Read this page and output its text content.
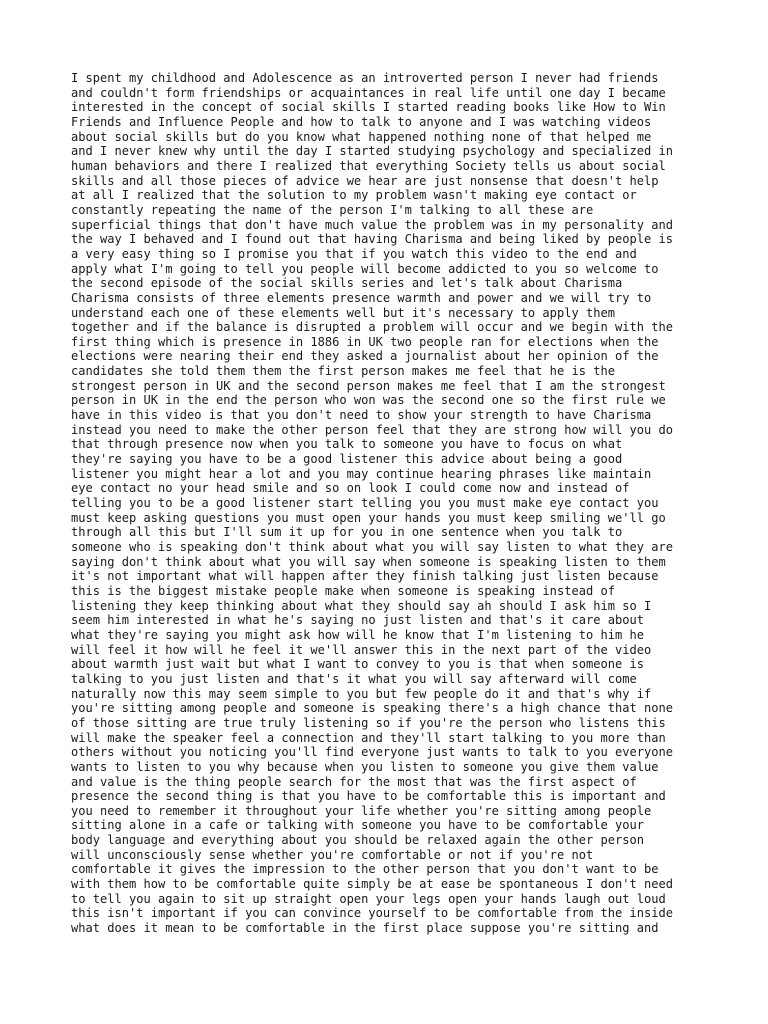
I spent my childhood and Adolescence as an introverted person I never had friends
and couldn't form friendships or acquaintances in real life until one day I became
interested in the concept of social skills I started reading books like How to Win
Friends and Influence People and how to talk to anyone and I was watching videos
about social skills but do you know what happened nothing none of that helped me
and I never knew why until the day I started studying psychology and specialized in
human behaviors and there I realized that everything Society tells us about social
skills and all those pieces of advice we hear are just nonsense that doesn't help
at all I realized that the solution to my problem wasn't making eye contact or
constantly repeating the name of the person I'm talking to all these are
superficial things that don't have much value the problem was in my personality and
the way I behaved and I found out that having Charisma and being liked by people is
a very easy thing so I promise you that if you watch this video to the end and
apply what I'm going to tell you people will become addicted to you so welcome to
the second episode of the social skills series and let's talk about Charisma
Charisma consists of three elements presence warmth and power and we will try to
understand each one of these elements well but it's necessary to apply them
together and if the balance is disrupted a problem will occur and we begin with the
first thing which is presence in 1886 in UK two people ran for elections when the
elections were nearing their end they asked a journalist about her opinion of the
candidates she told them them the first person makes me feel that he is the
strongest person in UK and the second person makes me feel that I am the strongest
person in UK in the end the person who won was the second one so the first rule we
have in this video is that you don't need to show your strength to have Charisma
instead you need to make the other person feel that they are strong how will you do
that through presence now when you talk to someone you have to focus on what
they're saying you have to be a good listener this advice about being a good
listener you might hear a lot and you may continue hearing phrases like maintain
eye contact no your head smile and so on look I could come now and instead of
telling you to be a good listener start telling you you must make eye contact you
must keep asking questions you must open your hands you must keep smiling we'll go
through all this but I'll sum it up for you in one sentence when you talk to
someone who is speaking don't think about what you will say listen to what they are
saying don't think about what you will say when someone is speaking listen to them
it's not important what will happen after they finish talking just listen because
this is the biggest mistake people make when someone is speaking instead of
listening they keep thinking about what they should say ah should I ask him so I
seem him interested in what he's saying no just listen and that's it care about
what they're saying you might ask how will he know that I'm listening to him he
will feel it how will he feel it we'll answer this in the next part of the video
about warmth just wait but what I want to convey to you is that when someone is
talking to you just listen and that's it what you will say afterward will come
naturally now this may seem simple to you but few people do it and that's why if
you're sitting among people and someone is speaking there's a high chance that none
of those sitting are true truly listening so if you're the person who listens this
will make the speaker feel a connection and they'll start talking to you more than
others without you noticing you'll find everyone just wants to talk to you everyone
wants to listen to you why because when you listen to someone you give them value
and value is the thing people search for the most that was the first aspect of
presence the second thing is that you have to be comfortable this is important and
you need to remember it throughout your life whether you're sitting among people
sitting alone in a cafe or talking with someone you have to be comfortable your
body language and everything about you should be relaxed again the other person
will unconsciously sense whether you're comfortable or not if you're not
comfortable it gives the impression to the other person that you don't want to be
with them how to be comfortable quite simply be at ease be spontaneous I don't need
to tell you again to sit up straight open your legs open your hands laugh out loud
this isn't important if you can convince yourself to be comfortable from the inside
what does it mean to be comfortable in the first place suppose you're sitting and
